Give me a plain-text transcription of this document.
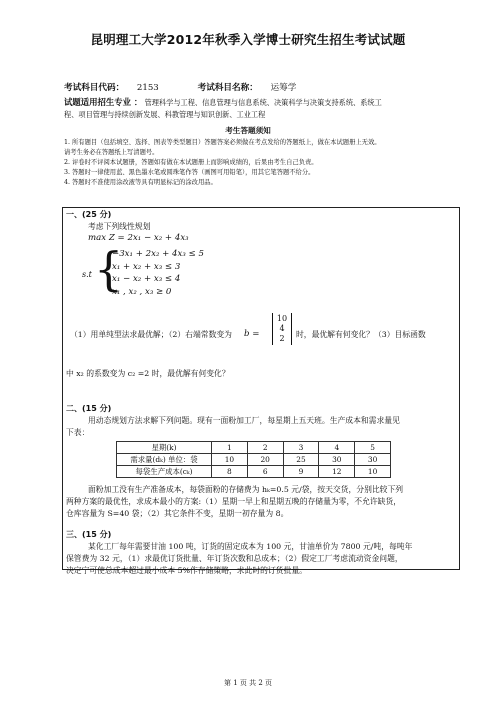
昆明理工大学2012年秋季入学博士研究生招生考试试题
考试科目代码： 2153	考试科目名称： 运筹学
试题适用招生专业 ： 管理科学与工程、信息管理与信息系统、决策科学与决策支持系统、系统工
程、项目管理与持续创新发展、科教管理与知识创新、工业工程
考生答题须知
1. 所有题目（包括填空、选择、图表等类型题目）答题答案必须做在考点发给的答题纸上，做在本试题册上无效。
请考生务必在答题纸上写清题号。
2. 评卷时不评阅本试题册，答题如有做在本试题册上而影响成绩的，后果由考生自己负责。
3. 答题时一律使用蓝、黑色墨水笔或圆珠笔作答（画图可用铅笔），用其它笔答题不给分。
4. 答题时不准使用涂改液等具有明显标记的涂改用品。
一、(25 分)
考虑下列线性规划
max Z = 2x₁ − x₂ + 4x₃
s.t {
−3x₁ + 2x₂ + 4x₃ ≤ 5
x₁ + x₂ + x₃ ≤ 3
x₁ − x₂ + x₃ ≤ 4
x₁ , x₂ , x₃ ≥ 0
（1）用单纯型法求最优解；（2）右端常数变为 b =
10
4
2	时，最优解有何变化？（3）目标函数
中 x₂ 的系数变为 c₂ =2 时，最优解有何变化？
二、(15 分)
用动态规划方法求解下列问题。现有一面粉加工厂，每星期上五天班。生产成本和需求量见
下表：
星期(k)	1	2	3	4	5
需求量(dₖ) 单位：袋	10	20	25	30	30
每袋生产成本(cₖ)	8	6	9	12	10
面粉加工没有生产准备成本，每袋面粉的存储费为 hₖ=0.5 元/袋，按天交货，分别比较下列
两种方案的最优性，求成本最小的方案:（1）星期一早上和星期五晚的存储量为零，不允许缺货，
仓库容量为 S=40 袋；（2）其它条件不变，星期一初存量为 8。
三、(15 分)
某化工厂每年需要甘油 100 吨，订货的固定成本为 100 元，甘油单价为 7800 元/吨，每吨年
保管费为 32 元，（1）求最优订货批量、年订货次数和总成本；（2）假定工厂考虑流动资金问题，
决定宁可使总成本超过最小成本 5%作存储策略，求此时的订货批量。
第 1 页 共 2 页
